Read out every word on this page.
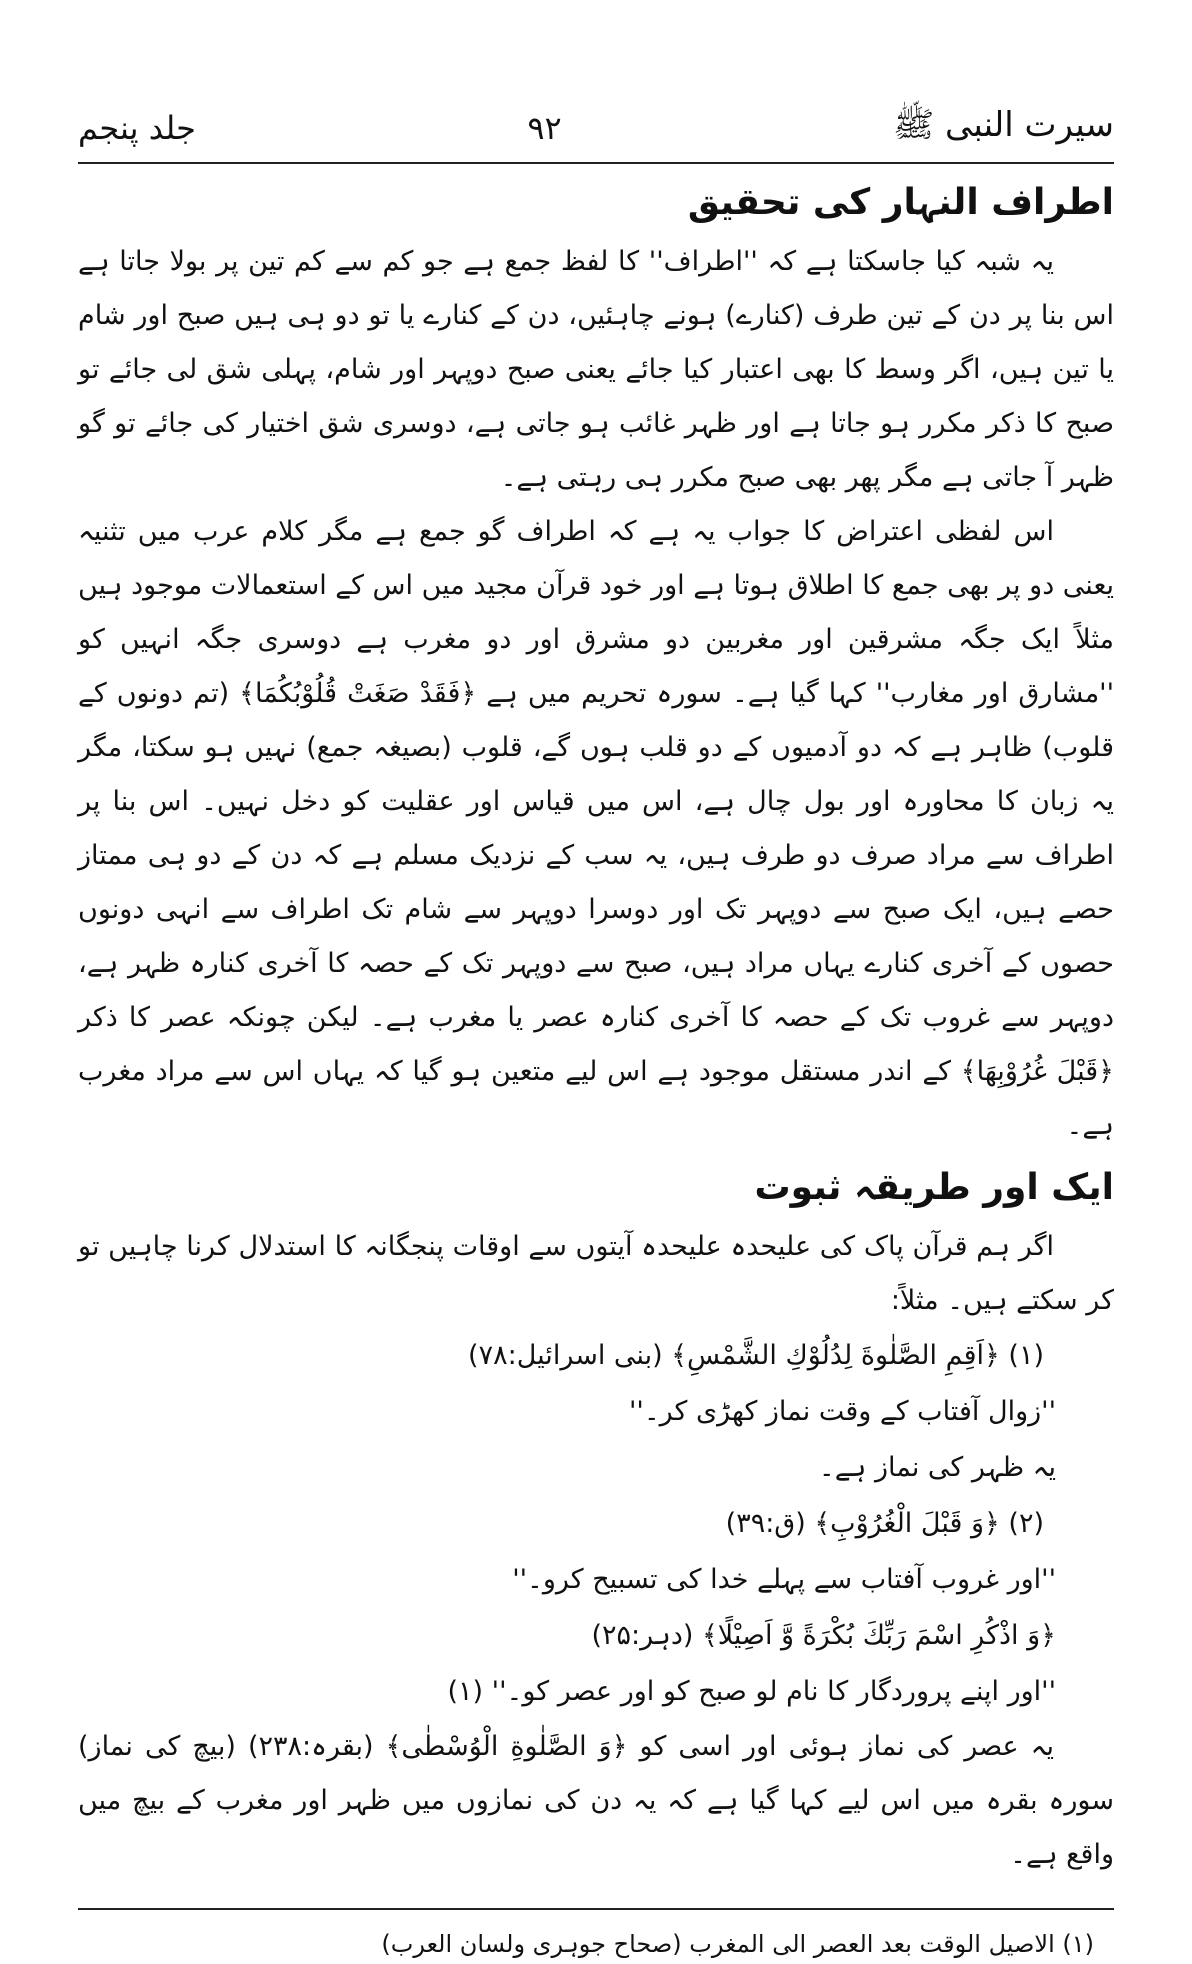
سیرت النبی ﷺ
۹۲
جلد پنجم
اطراف النہار کی تحقیق

یہ شبہ کیا جاسکتا ہے کہ ''اطراف'' کا لفظ جمع ہے جو کم سے کم تین پر بولا جاتا ہے اس بنا پر دن کے تین طرف (کنارے) ہونے چاہئیں، دن کے کنارے یا تو دو ہی ہیں صبح اور شام یا تین ہیں، اگر وسط کا بھی اعتبار کیا جائے یعنی صبح دوپہر اور شام، پہلی شق لی جائے تو صبح کا ذکر مکرر ہو جاتا ہے اور ظہر غائب ہو جاتی ہے، دوسری شق اختیار کی جائے تو گو ظہر آ جاتی ہے مگر پھر بھی صبح مکرر ہی رہتی ہے۔

اس لفظی اعتراض کا جواب یہ ہے کہ اطراف گو جمع ہے مگر کلام عرب میں تثنیہ یعنی دو پر بھی جمع کا اطلاق ہوتا ہے اور خود قرآن مجید میں اس کے استعمالات موجود ہیں مثلاً ایک جگہ مشرقین اور مغربین دو مشرق اور دو مغرب ہے دوسری جگہ انہیں کو ''مشارق اور مغارب'' کہا گیا ہے۔ سورہ تحریم میں ہے ﴿فَقَدْ صَغَتْ قُلُوْبُكُمَا﴾ (تم دونوں کے قلوب) ظاہر ہے کہ دو آدمیوں کے دو قلب ہوں گے، قلوب (بصیغہ جمع) نہیں ہو سکتا، مگر یہ زبان کا محاورہ اور بول چال ہے، اس میں قیاس اور عقلیت کو دخل نہیں۔ اس بنا پر اطراف سے مراد صرف دو طرف ہیں، یہ سب کے نزدیک مسلم ہے کہ دن کے دو ہی ممتاز حصے ہیں، ایک صبح سے دوپہر تک اور دوسرا دوپہر سے شام تک اطراف سے انہی دونوں حصوں کے آخری کنارے یہاں مراد ہیں، صبح سے دوپہر تک کے حصہ کا آخری کنارہ ظہر ہے، دوپہر سے غروب تک کے حصہ کا آخری کنارہ عصر یا مغرب ہے۔ لیکن چونکہ عصر کا ذکر ﴿قَبْلَ غُرُوْبِهَا﴾ کے اندر مستقل موجود ہے اس لیے متعین ہو گیا کہ یہاں اس سے مراد مغرب ہے۔

ایک اور طریقہ ثبوت

اگر ہم قرآن پاک کی علیحدہ علیحدہ آیتوں سے اوقات پنجگانہ کا استدلال کرنا چاہیں تو کر سکتے ہیں۔ مثلاً:

(۱) ﴿اَقِمِ الصَّلٰوةَ لِدُلُوْكِ الشَّمْسِ﴾ (بنی اسرائیل:۷۸)
''زوال آفتاب کے وقت نماز کھڑی کر۔''
یہ ظہر کی نماز ہے۔
(۲) ﴿وَ قَبْلَ الْغُرُوْبِ﴾ (ق:۳۹)
''اور غروب آفتاب سے پہلے خدا کی تسبیح کرو۔''
﴿وَ اذْكُرِ اسْمَ رَبِّكَ بُكْرَةً وَّ اَصِيْلًا﴾ (دہر:۲۵)
''اور اپنے پروردگار کا نام لو صبح کو اور عصر کو۔'' (۱)

یہ عصر کی نماز ہوئی اور اسی کو ﴿وَ الصَّلٰوةِ الْوُسْطٰى﴾ (بقرہ:۲۳۸) (بیچ کی نماز) سورہ بقرہ میں اس لیے کہا گیا ہے کہ یہ دن کی نمازوں میں ظہر اور مغرب کے بیچ میں واقع ہے۔

(۱) الاصیل الوقت بعد العصر الی المغرب (صحاح جوہری ولسان العرب)
